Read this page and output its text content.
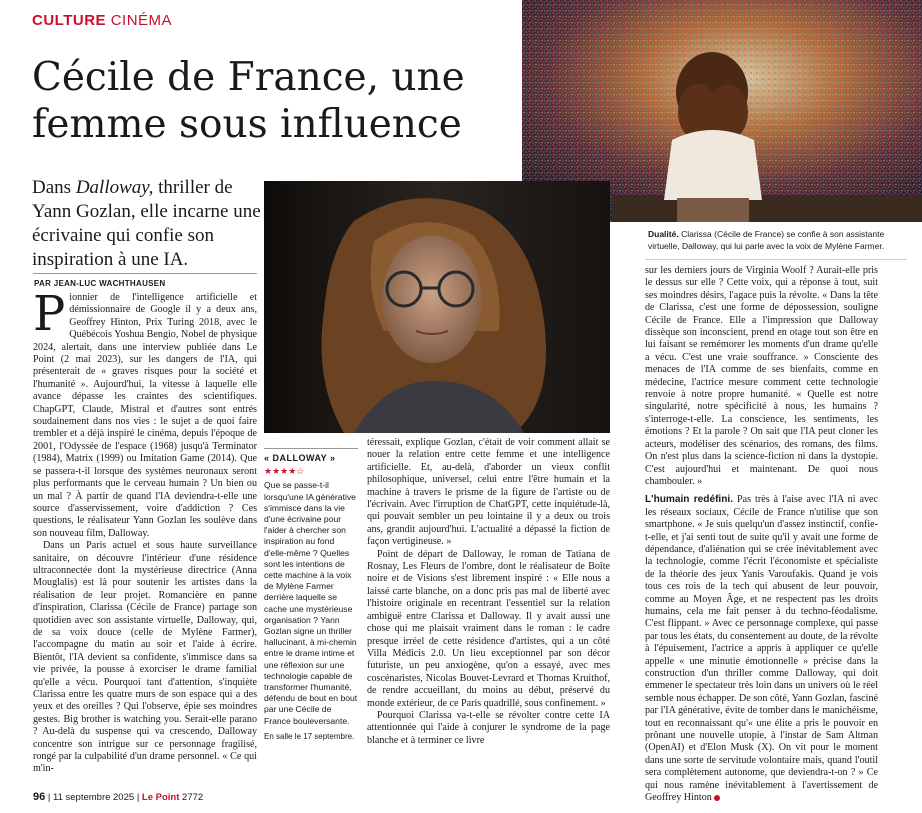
CULTURE CINÉMA
Cécile de France, une femme sous influence
Dualité. Clarissa (Cécile de France) se confie à son assistante virtuelle, Dalloway, qui lui parle avec la voix de Mylène Farmer.
Dans Dalloway, thriller de Yann Gozlan, elle incarne une écrivaine qui confie son inspiration à une IA.
PAR JEAN-LUC WACHTHAUSEN
« DALLOWAY »
★★★★☆
Que se passe-t-il lorsqu'une IA générative s'immisce dans la vie d'une écrivaine pour l'aider à chercher son inspiration au fond d'elle-même ? Quelles sont les intentions de cette machine à la voix de Mylène Farmer derrière laquelle se cache une mystérieuse organisation ? Yann Gozlan signe un thriller hallucinant, à mi-chemin entre le drame intime et une réflexion sur une technologie capable de transformer l'humanité, défendu de bout en bout par une Cécile de France bouleversante.
En salle le 17 septembre.
P ionnier de l'intelligence artificielle et démissionnaire de Google il y a deux ans, Geoffrey Hinton, Prix Turing 2018, avec le Québécois Yoshua Bengio, Nobel de physique 2024, alertait, dans une interview publiée dans Le Point (2 mai 2023), sur les dangers de l'IA, qui présenterait de « graves risques pour la société et l'humanité ». Aujourd'hui, la vitesse à laquelle elle avance dépasse les craintes des scientifiques. ChapGPT, Claude, Mistral et d'autres sont entrés soudainement dans nos vies : le sujet a de quoi faire trembler et a déjà inspiré le cinéma, depuis l'époque de 2001, l'Odyssée de l'espace (1968) jusqu'à Terminator (1984), Matrix (1999) ou Imitation Game (2014). Que se passera-t-il lorsque des systèmes neuronaux seront plus performants que le cerveau humain ? Un bien ou un mal ? À partir de quand l'IA deviendra-t-elle une source d'asservissement, voire d'addiction ? Ces questions, le réalisateur Yann Gozlan les soulève dans son nouveau film, Dalloway.

Dans un Paris actuel et sous haute surveillance sanitaire, on découvre l'intérieur d'une résidence ultraconnectée dont la mystérieuse directrice (Anna Mouglalis) est là pour soutenir les artistes dans la réalisation de leur projet. Romancière en panne d'inspiration, Clarissa (Cécile de France) partage son quotidien avec son assistante virtuelle, Dalloway, qui, de sa voix douce (celle de Mylène Farmer), l'accompagne du matin au soir et l'aide à écrire. Bientôt, l'IA devient sa confidente, s'immisce dans sa vie privée, la pousse à exorciser le drame familial qu'elle a vécu. Pourquoi tant d'attention, s'inquiète Clarissa entre les quatre murs de son espace qui a des yeux et des oreilles ? Qui l'observe, épie ses moindres gestes. Big brother is watching you. Serait-elle parano ? Au-delà du suspense qui va crescendo, Dalloway concentre son intrigue sur ce personnage fragilisé, rongé par la culpabilité d'un drame personnel. « Ce qui m'in-

téressait, explique Gozlan, c'était de voir comment allait se nouer la relation entre cette femme et une intelligence artificielle. Et, au-delà, d'aborder un vieux conflit philosophique, universel, celui entre l'être humain et la machine à travers le prisme de la figure de l'artiste ou de l'écrivain. Avec l'irruption de ChatGPT, cette inquiétude-là, qui pouvait sembler un peu lointaine il y a deux ou trois ans, grandit aujourd'hui. L'actualité a dépassé la fiction de façon vertigineuse. »

Point de départ de Dalloway, le roman de Tatiana de Rosnay, Les Fleurs de l'ombre, dont le réalisateur de Boîte noire et de Visions s'est librement inspiré : « Elle nous a laissé carte blanche, on a donc pris pas mal de liberté avec l'histoire originale en recentrant l'essentiel sur la relation ambiguë entre Clarissa et Dalloway. Il y avait aussi une chose qui me plaisait vraiment dans le roman : le cadre presque irréel de cette résidence d'artistes, qui a un côté Villa Médicis 2.0. Un lieu exceptionnel par son décor futuriste, un peu anxiogène, qu'on a essayé, avec mes coscénaristes, Nicolas Bouvet-Levrard et Thomas Kruithof, de rendre accueillant, du moins au début, préservé du monde extérieur, de ce Paris quadrillé, sous confinement. »

Pourquoi Clarissa va-t-elle se révolter contre cette IA attentionnée qui l'aide à conjurer le syndrome de la page blanche et à terminer ce livre

sur les derniers jours de Virginia Woolf ? Aurait-elle pris le dessus sur elle ? Cette voix, qui a réponse à tout, suit ses moindres désirs, l'agace puis la révolte. « Dans la tête de Clarissa, c'est une forme de dépossession, souligne Cécile de France. Elle a l'impression que Dalloway dissèque son inconscient, prend en otage tout son être en lui faisant se remémorer les moments d'un drame qu'elle a vécu. C'est une vraie souffrance. » Consciente des menaces de l'IA comme de ses bienfaits, comme en médecine, l'actrice mesure comment cette technologie renvoie à notre propre humanité. « Quelle est notre singularité, notre spécificité à nous, les humains ? s'interroge-t-elle. La conscience, les sentiments, les émotions ? Et la parole ? On sait que l'IA peut cloner les acteurs, modéliser des scénarios, des romans, des films. On n'est plus dans la science-fiction ni dans la dystopie. C'est aujourd'hui et maintenant. De quoi nous chambouler. »

L'humain redéfini. Pas très à l'aise avec l'IA ni avec les réseaux sociaux, Cécile de France n'utilise que son smartphone. « Je suis quelqu'un d'assez instinctif, confie-t-elle, et j'ai senti tout de suite qu'il y avait une forme de dépendance, d'aliénation qui se crée inévitablement avec la technologie, comme l'écrit l'économiste et spécialiste de la théorie des jeux Yanis Varoufakis. Quand je vois tous ces rois de la tech qui abusent de leur pouvoir, comme au Moyen Âge, et ne respectent pas les droits humains, cela me fait penser à du techno-féodalisme. C'est flippant. » Avec ce personnage complexe, qui passe par tous les états, du consentement au doute, de la révolte à l'épuisement, l'actrice a appris à appliquer ce qu'elle appelle « une minutie émotionnelle » précise dans la construction d'un thriller comme Dalloway, qui doit emmener le spectateur très loin dans un univers où le réel semble nous échapper. De son côté, Yann Gozlan, fasciné par l'IA générative, évite de tomber dans le manichéisme, tout en reconnaissant qu'« une élite a pris le pouvoir en prônant une nouvelle utopie, à l'instar de Sam Altman (OpenAI) et d'Elon Musk (X). On vit pour le moment dans une sorte de servitude volontaire mais, quand l'outil sera complètement autonome, que deviendra-t-on ? » Ce qui nous ramène inévitablement à l'avertissement de Geoffrey Hinton

96 | 11 septembre 2025 | Le Point 2772
